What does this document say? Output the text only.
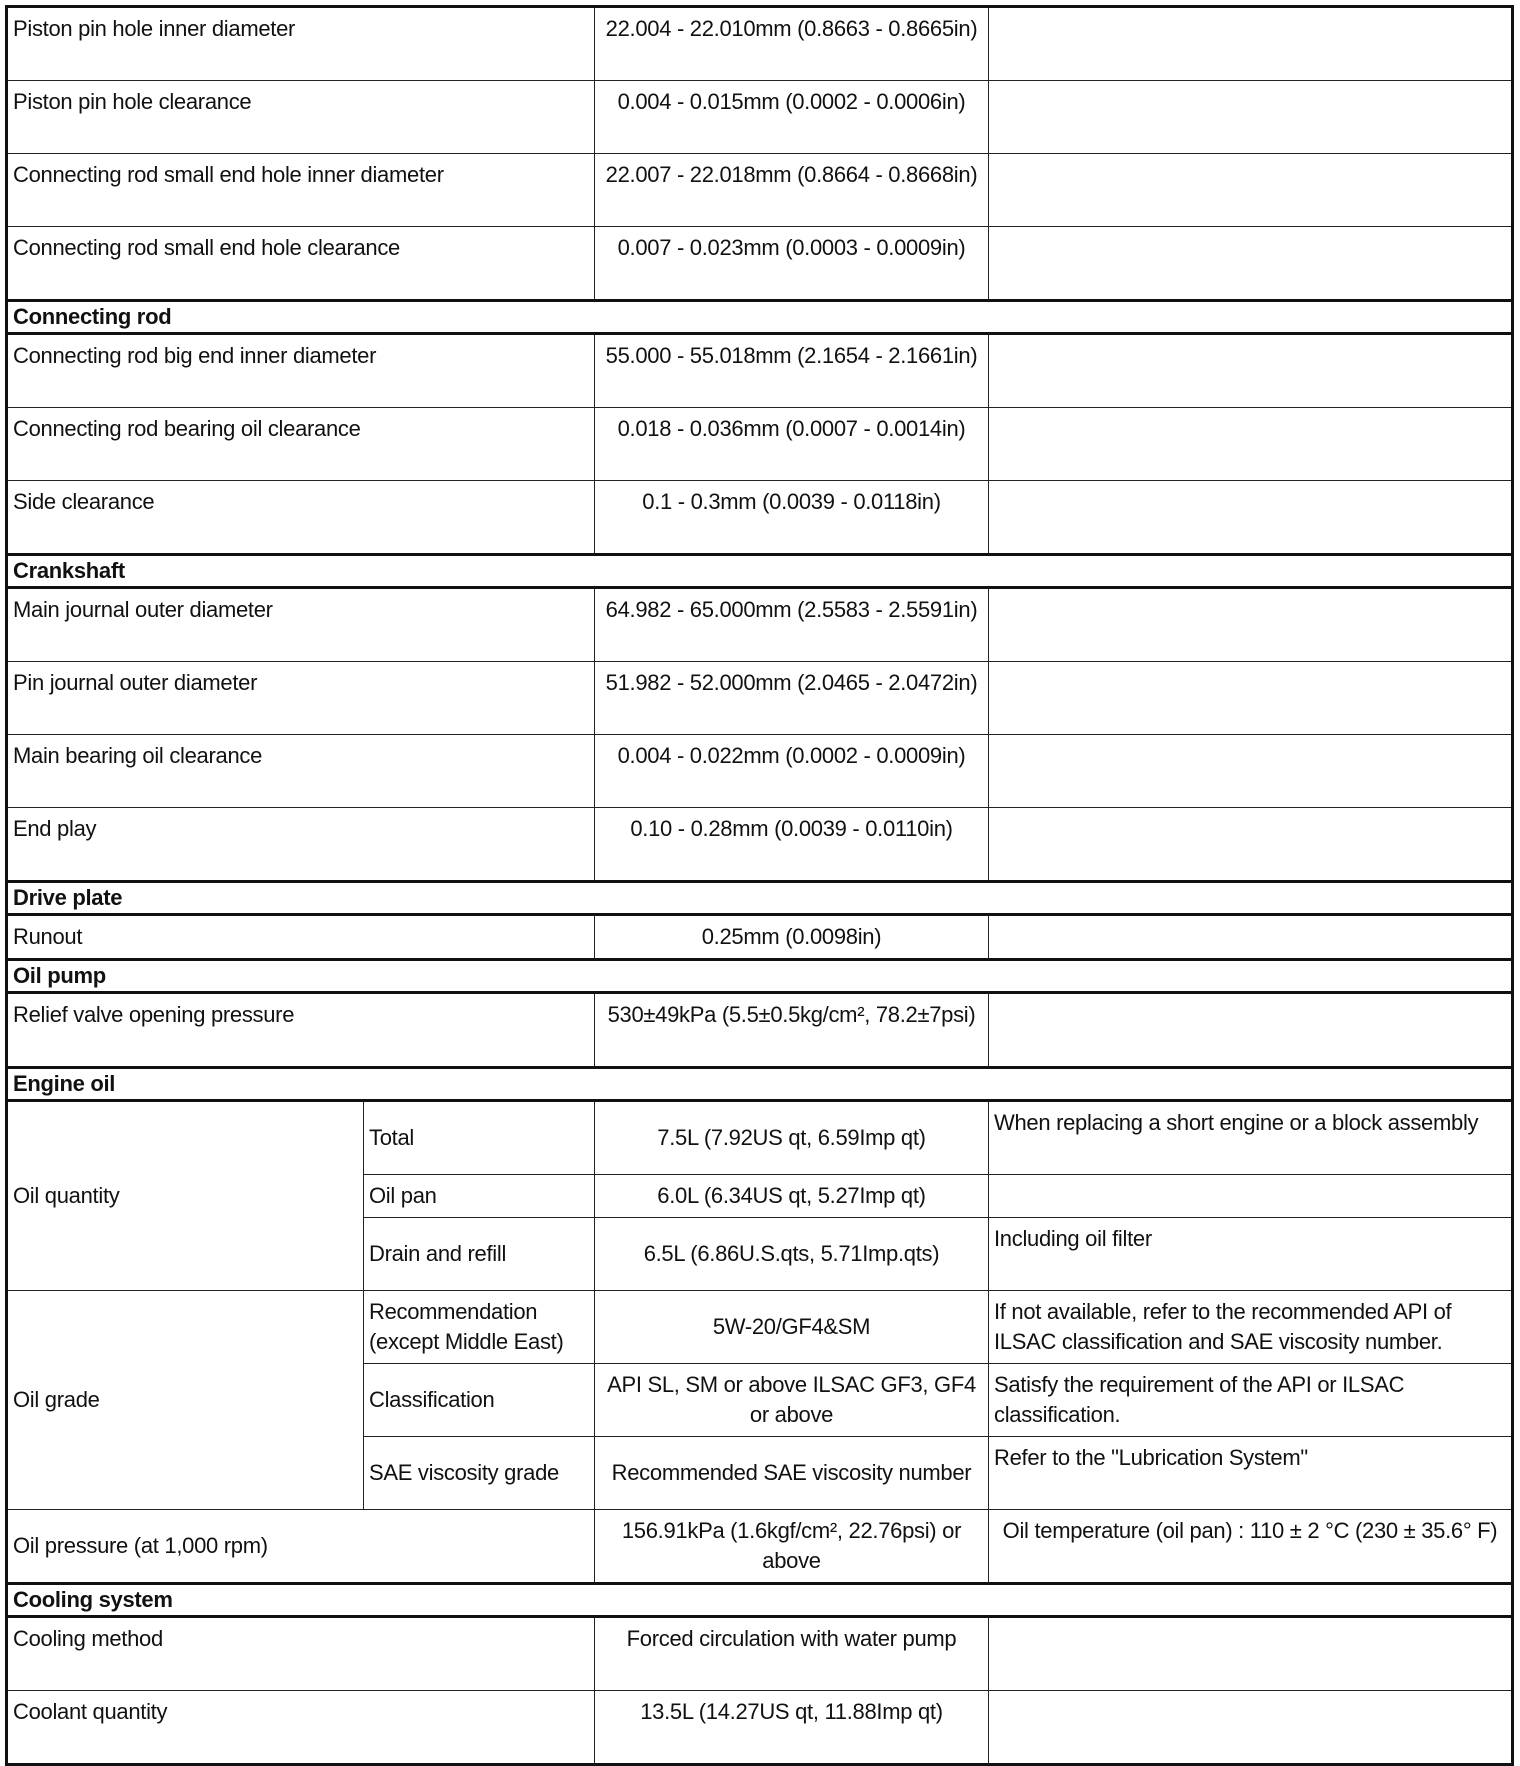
Piston pin hole inner diameter		22.004 - 22.010mm (0.8663 - 0.8665in)	
Piston pin hole clearance		0.004 - 0.015mm (0.0002 - 0.0006in)	
Connecting rod small end hole inner diameter		22.007 - 22.018mm (0.8664 - 0.8668in)	
Connecting rod small end hole clearance		0.007 - 0.023mm (0.0003 - 0.0009in)	
Connecting rod			
Connecting rod big end inner diameter		55.000 - 55.018mm (2.1654 - 2.1661in)	
Connecting rod bearing oil clearance		0.018 - 0.036mm (0.0007 - 0.0014in)	
Side clearance		0.1 - 0.3mm (0.0039 - 0.0118in)	
Crankshaft			
Main journal outer diameter		64.982 - 65.000mm (2.5583 - 2.5591in)	
Pin journal outer diameter		51.982 - 52.000mm (2.0465 - 2.0472in)	
Main bearing oil clearance		0.004 - 0.022mm (0.0002 - 0.0009in)	
End play		0.10 - 0.28mm (0.0039 - 0.0110in)	
Drive plate			
Runout		0.25mm (0.0098in)	
Oil pump			
Relief valve opening pressure		530±49kPa (5.5±0.5kg/cm², 78.2±7psi)	
Engine oil			
Oil quantity	Total	7.5L (7.92US qt, 6.59Imp qt)	When replacing a short engine or a block assembly
	Oil pan	6.0L (6.34US qt, 5.27Imp qt)	
	Drain and refill	6.5L (6.86U.S.qts, 5.71Imp.qts)	Including oil filter
Oil grade	Recommendation (except Middle East)	5W-20/GF4&SM	If not available, refer to the recommended API of ILSAC classification and SAE viscosity number.
	Classification	API SL, SM or above ILSAC GF3, GF4 or above	Satisfy the requirement of the API or ILSAC classification.
	SAE viscosity grade	Recommended SAE viscosity number	Refer to the "Lubrication System"
Oil pressure (at 1,000 rpm)		156.91kPa (1.6kgf/cm², 22.76psi) or above	Oil temperature (oil pan) : 110 ± 2 °C (230 ± 35.6° F)
Cooling system			
Cooling method		Forced circulation with water pump	
Coolant quantity		13.5L (14.27US qt, 11.88Imp qt)	
